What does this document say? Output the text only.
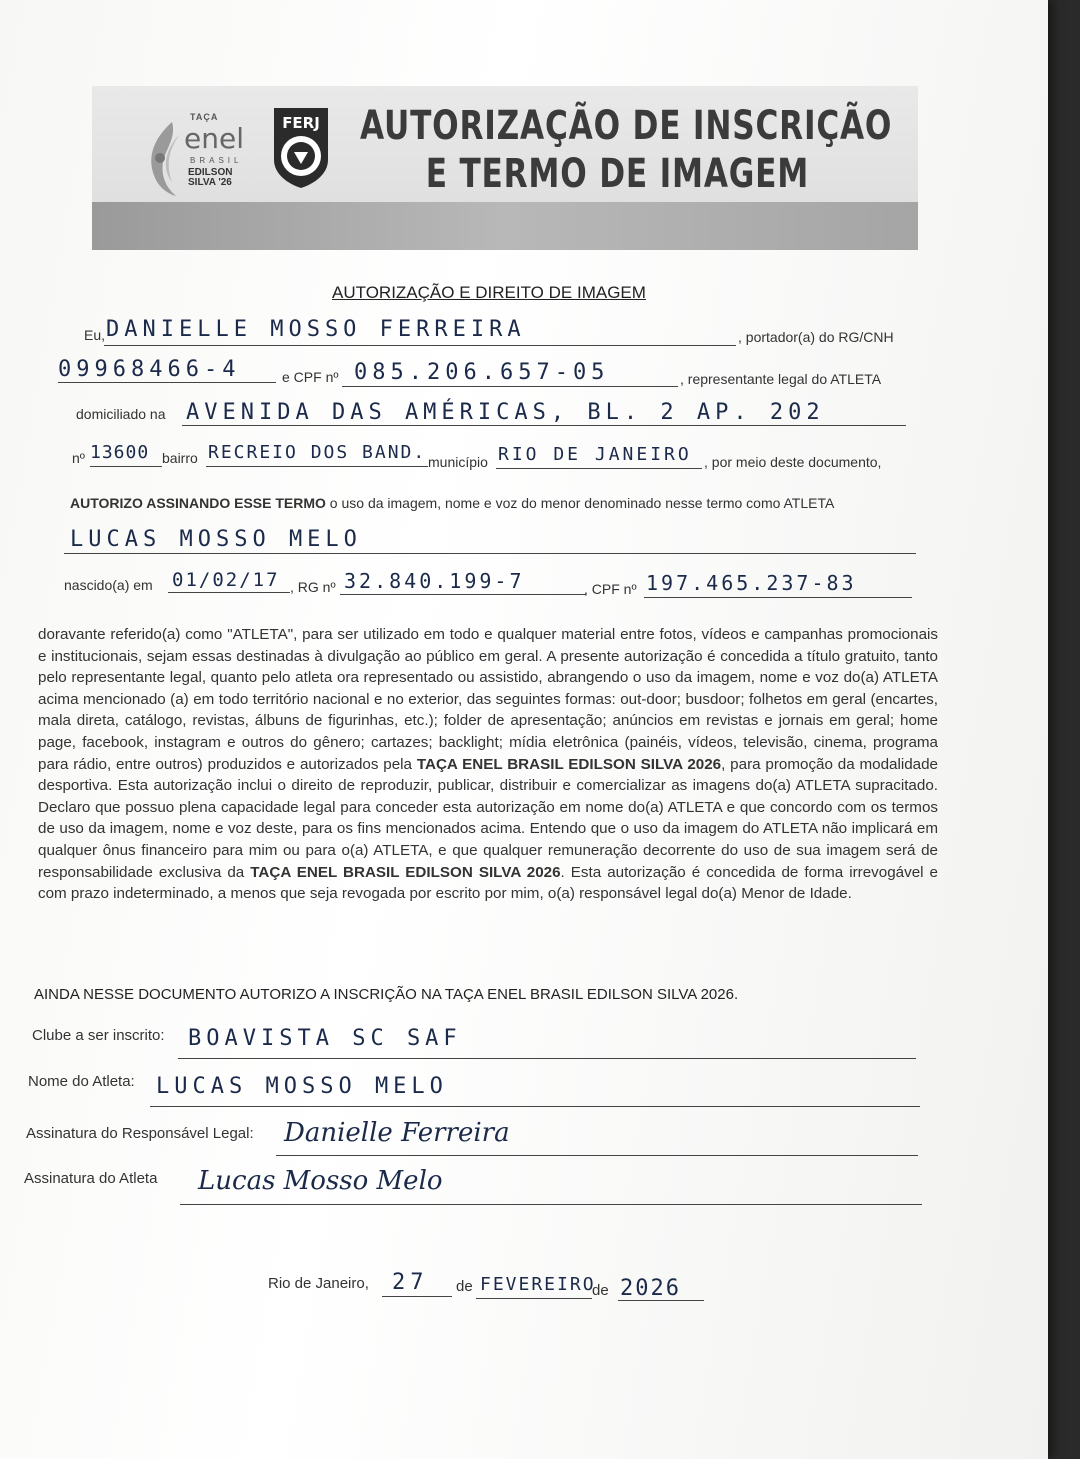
TAÇA
enel
BRASIL
EDILSON
SILVA '26
FERJ AUTORIZAÇÃO DE INSCRIÇÃO
E TERMO DE IMAGEM
AUTORIZAÇÃO E DIREITO DE IMAGEM
Eu, DANIELLE MOSSO FERREIRA	, portador(a) do RG/CNH
09968466-4	e CPF nº 085.206.657-05	, representante legal do ATLETA
domiciliado na AVENIDA DAS AMÉRICAS, BL. 2 AP. 202
nº 13600 bairro RECREIO DOS BAND. município RIO DE JANEIRO , por meio deste documento,
AUTORIZO ASSINANDO ESSE TERMO o uso da imagem, nome e voz do menor denominado nesse termo como ATLETA
LUCAS MOSSO MELO
nascido(a) em 01/02/17 , RG nº 32.840.199-7	, CPF nº 197.465.237-83
doravante referido(a) como "ATLETA", para ser utilizado em todo e qualquer material entre fotos, vídeos e campanhas promocionais e institucionais, sejam essas destinadas à divulgação ao público em geral. A presente autorização é concedida a título gratuito, tanto pelo representante legal, quanto pelo atleta ora representado ou assistido, abrangendo o uso da imagem, nome e voz do(a) ATLETA acima mencionado (a) em todo território nacional e no exterior, das seguintes formas: out-door; busdoor; folhetos em geral (encartes, mala direta, catálogo, revistas, álbuns de figurinhas, etc.); folder de apresentação; anúncios em revistas e jornais em geral; home page, facebook, instagram e outros do gênero; cartazes; backlight; mídia eletrônica (painéis, vídeos, televisão, cinema, programa para rádio, entre outros) produzidos e autorizados pela TAÇA ENEL BRASIL EDILSON SILVA 2026, para promoção da modalidade desportiva. Esta autorização inclui o direito de reproduzir, publicar, distribuir e comercializar as imagens do(a) ATLETA supracitado. Declaro que possuo plena capacidade legal para conceder esta autorização em nome do(a) ATLETA e que concordo com os termos de uso da imagem, nome e voz deste, para os fins mencionados acima. Entendo que o uso da imagem do ATLETA não implicará em qualquer ônus financeiro para mim ou para o(a) ATLETA, e que qualquer remuneração decorrente do uso de sua imagem será de responsabilidade exclusiva da TAÇA ENEL BRASIL EDILSON SILVA 2026. Esta autorização é concedida de forma irrevogável e com prazo indeterminado, a menos que seja revogada por escrito por mim, o(a) responsável legal do(a) Menor de Idade.
AINDA NESSE DOCUMENTO AUTORIZO A INSCRIÇÃO NA TAÇA ENEL BRASIL EDILSON SILVA 2026.
Clube a ser inscrito: BOAVISTA SC SAF
Nome do Atleta: LUCAS MOSSO MELO
Assinatura do Responsável Legal: Danielle Ferreira
Assinatura do Atleta Lucas Mosso Melo
Rio de Janeiro, 27 de FEVEREIRO
de 2026
